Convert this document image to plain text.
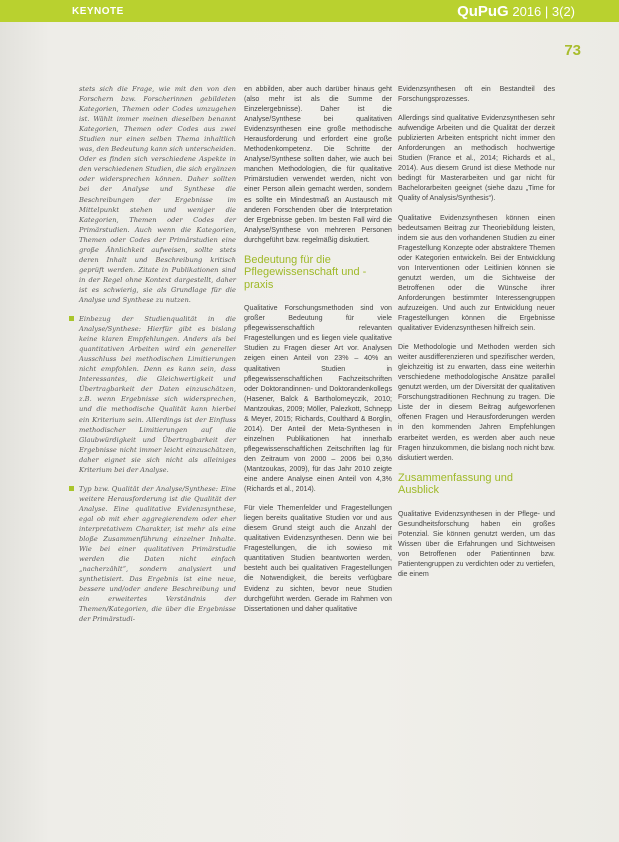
KEYNOTE	QuPuG 2016 | 3(2)
73

stets sich die Frage, wie mit den von den Forschern bzw. Forscherinnen gebildeten Kategorien, Themen oder Codes umzugehen ist. Wählt immer meinen dieselben benannt Kategorien, Themen oder Codes aus zwei Studien nur einen selben Thema inhaltlich was, den Bedeutung kann sich unterscheiden. Oder es finden sich verschiedene Aspekte in den verschiedenen Studien, die sich ergänzen oder widersprechen können. Daher sollten bei der Analyse und Synthese die Beschreibungen der Ergebnisse im Mittelpunkt stehen und weniger die Kategorien, Themen oder Codes der Primärstudien. Auch wenn die Kategorien, Themen oder Codes der Primärstudien eine große Ähnlichkeit aufweisen, sollte stets deren Inhalt und Beschreibung kritisch geprüft werden. Zitate in Publikationen sind in der Regel ohne Kontext dargestellt, daher ist es schwierig, sie als Grundlage für die Analyse und Synthese zu nutzen.

Einbezug der Studienqualität in die Analyse/Synthese: Hierfür gibt es bislang keine klaren Empfehlungen. Anders als bei quantitativen Arbeiten wird ein genereller Ausschluss bei methodischen Limitierungen nicht empfohlen. Denn es kann sein, dass Interessantes, die Gleichwertigkeit und Übertragbarkeit der Daten einzuschätzen, z.B. wenn Ergebnisse sich widersprechen, und die methodische Qualität kann hierbei ein Kriterium sein. Allerdings ist der Einfluss methodischer Limitierungen auf die Glaubwürdigkeit und Übertragbarkeit der Ergebnisse nicht immer leicht einzuschätzen, daher eignet sie sich nicht als alleiniges Kriterium bei der Analyse.

Typ bzw. Qualität der Analyse/Synthese: Eine weitere Herausforderung ist die Qualität der Analyse. Eine qualitative Evidenzsynthese, egal ob mit eher aggregierendem oder eher interpretativem Charakter, ist mehr als eine bloße Zusammenführung einzelner Inhalte. Wie bei einer qualitativen Primärstudie werden die Daten nicht einfach „nacherzählt“, sondern analysiert und synthetisiert. Das Ergebnis ist eine neue, bessere und/oder andere Beschreibung und ein erweitertes Verständnis der Themen/Kategorien, die über die Ergebnisse der Primärstudi-

en abbilden, aber auch darüber hinaus geht (also mehr ist als die Summe der Einzelergebnisse). Daher ist die Analyse/Synthese bei qualitativen Evidenzsynthesen eine große methodische Herausforderung und erfordert eine große Methodenkompetenz. Die Schritte der Analyse/Synthese sollten daher, wie auch bei manchen Methodologien, die für qualitative Primärstudien verwendet werden, nicht von einer Person allein gemacht werden, sondern es sollte ein Mindestmaß an Austausch mit anderen Forschenden über die Interpretation der Ergebnisse geben. Im besten Fall wird die Analyse/Synthese von mehreren Personen durchgeführt bzw. regelmäßig diskutiert.

Bedeutung für die Pflegewissenschaft und -praxis

Qualitative Forschungsmethoden sind von großer Bedeutung für viele pflegewissenschaftlich relevanten Fragestellungen und es liegen viele qualitative Studien zu Fragen dieser Art vor. Analysen zeigen einen Anteil von 23% – 40% an qualitativen Studien in pflegewissenschaftlichen Fachzeitschriften oder Doktorandinnen- und Doktorandenkollegs (Hasener, Balck & Bartholomeyczik, 2010; Mantzoukas, 2009; Möller, Palezkott, Schnepp & Meyer, 2015; Richards, Coulthard & Borglin, 2014). Der Anteil der Meta-Synthesen in einzelnen Publikationen hat innerhalb pflegewissenschaftlichen Zeitschriften lag für den Zeitraum von 2000 – 2006 bei 0,3% (Mantzoukas, 2009), für das Jahr 2010 zeigte eine andere Analyse einen Anteil von 4,3% (Richards et al., 2014).

Für viele Themenfelder und Fragestellungen liegen bereits qualitative Studien vor und aus diesem Grund steigt auch die Anzahl der qualitativen Evidenzsynthesen. Denn wie bei Fragestellungen, die ich sowieso mit quantitativen Studien beantworten werden, besteht auch bei qualitativen Fragestellungen die Notwendigkeit, die bereits verfügbare Evidenz zu sichten, bevor neue Studien durchgeführt werden. Gerade im Rahmen von Dissertationen und daher qualitative

Evidenzsynthesen oft ein Bestandteil des Forschungsprozesses.

Allerdings sind qualitative Evidenzsynthesen sehr aufwendige Arbeiten und die Qualität der derzeit publizierten Arbeiten entspricht nicht immer den Anforderungen an methodisch hochwertige Studien (France et al., 2014; Richards et al., 2014). Aus diesem Grund ist diese Methode nur bedingt für Masterarbeiten und gar nicht für Bachelorarbeiten geeignet (siehe dazu „Time for Quality of Analysis/Synthesis“).

Qualitative Evidenzsynthesen können einen bedeutsamen Beitrag zur Theoriebildung leisten, indem sie aus den vorhandenen Studien zu einer Fragestellung Konzepte oder abstraktere Themen oder Kategorien entwickeln. Bei der Entwicklung von Interventionen oder Leitlinien können sie genutzt werden, um die Sichtweise der Betroffenen oder die Wünsche ihrer Anforderungen bestimmter Interessengruppen aufzuzeigen. Und auch zur Entwicklung neuer Fragestellungen können die Ergebnisse qualitativer Evidenzsynthesen hilfreich sein.

Die Methodologie und Methoden werden sich weiter ausdifferenzieren und spezifischer werden, gleichzeitig ist zu erwarten, dass eine weiterhin verschiedene methodologische Ansätze parallel genutzt werden, um der Diversität der qualitativen Forschungstraditionen Rechnung zu tragen. Die Liste der in diesem Beitrag aufgeworfenen offenen Fragen und Herausforderungen werden in den kommenden Jahren Empfehlungen erarbeitet werden, es werden aber auch neue Fragen hinzukommen, die bislang noch nicht bzw. diskutiert werden.

Zusammenfassung und Ausblick

Qualitative Evidenzsynthesen in der Pflege- und Gesundheitsforschung haben ein großes Potenzial. Sie können genutzt werden, um das Wissen über die Erfahrungen und Sichtweisen von Betroffenen oder Patientinnen bzw. Patientengruppen zu verdichten oder zu vertiefen, die einem
